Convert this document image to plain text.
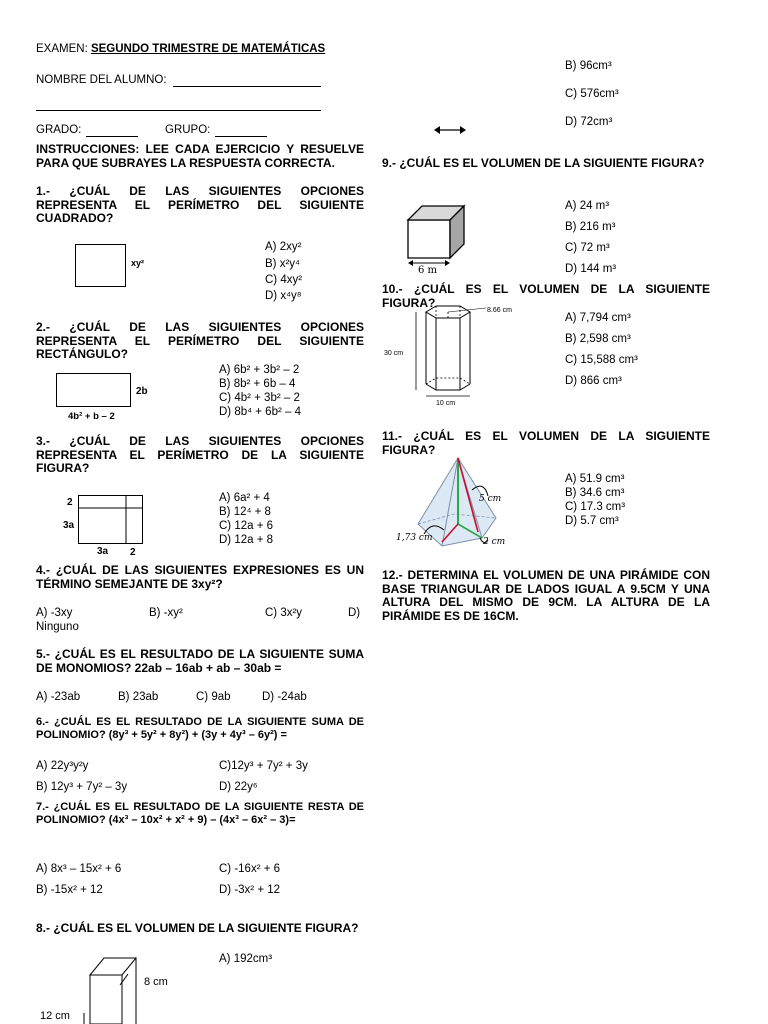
EXAMEN: SEGUNDO TRIMESTRE DE MATEMÁTICAS
NOMBRE DEL ALUMNO:
GRADO:	GRUPO:
INSTRUCCIONES: LEE CADA EJERCICIO Y RESUELVE PARA QUE SUBRAYES LA RESPUESTA CORRECTA.
1.- ¿CUÁL DE LAS SIGUIENTES OPCIONES REPRESENTA EL PERÍMETRO DEL SIGUIENTE CUADRADO?
xy²
A) 2xy²
B) x²y⁴
C) 4xy²
D) x⁴y⁸
2.- ¿CUÁL DE LAS SIGUIENTES OPCIONES REPRESENTA EL PERÍMETRO DEL SIGUIENTE RECTÁNGULO?
2b
4b² + b – 2
A) 6b² + 3b² – 2
B) 8b² + 6b – 4
C) 4b² + 3b² – 2
D) 8b⁴ + 6b² – 4
3.- ¿CUÁL DE LAS SIGUIENTES OPCIONES REPRESENTA EL PERÍMETRO DE LA SIGUIENTE FIGURA?
2
3a
3a 2
A) 6a² + 4
B) 12⁴ + 8
C) 12a + 6
D) 12a + 8
4.- ¿CUÁL DE LAS SIGUIENTES EXPRESIONES ES UN TÉRMINO SEMEJANTE DE 3xy²?
A) -3xy	B) -xy²	C) 3x²y	D)
Ninguno
5.- ¿CUÁL ES EL RESULTADO DE LA SIGUIENTE SUMA DE MONOMIOS? 22ab – 16ab + ab – 30ab =
A) -23ab	B) 23ab	C) 9ab	D) -24ab
6.- ¿CUÁL ES EL RESULTADO DE LA SIGUIENTE SUMA DE POLINOMIO? (8y³ + 5y² + 8y²) + (3y + 4y³ – 6y²) =
A) 22y³y²y	C)12y³ + 7y² + 3y
B) 12y³ + 7y² – 3y	D) 22y⁶
7.- ¿CUÁL ES EL RESULTADO DE LA SIGUIENTE RESTA DE POLINOMIO? (4x³ – 10x² + x² + 9) – (4x³ – 6x² – 3)=
A) 8x³ – 15x² + 6	C) -16x² + 6
B) -15x² + 12	D) -3x² + 12
8.- ¿CUÁL ES EL VOLUMEN DE LA SIGUIENTE FIGURA?
8 cm
12 cm
A) 192cm³
B) 96cm³
C) 576cm³
D) 72cm³
9.- ¿CUÁL ES EL VOLUMEN DE LA SIGUIENTE FIGURA?
6 m
A) 24 m³
B) 216 m³
C) 72 m³
D) 144 m³
10.- ¿CUÁL ES EL VOLUMEN DE LA SIGUIENTE FIGURA?
8.66 cm
30 cm
10 cm
A) 7,794 cm³
B) 2,598 cm³
C) 15,588 cm³
D) 866 cm³
11.- ¿CUÁL ES EL VOLUMEN DE LA SIGUIENTE FIGURA?
5 cm
1,73 cm	2 cm
A) 51.9 cm³
B) 34.6 cm³
C) 17.3 cm³
D) 5.7 cm³
12.- DETERMINA EL VOLUMEN DE UNA PIRÁMIDE CON BASE TRIANGULAR DE LADOS IGUAL A 9.5CM Y UNA ALTURA DEL MISMO DE 9CM. LA ALTURA DE LA PIRÁMIDE ES DE 16CM.
